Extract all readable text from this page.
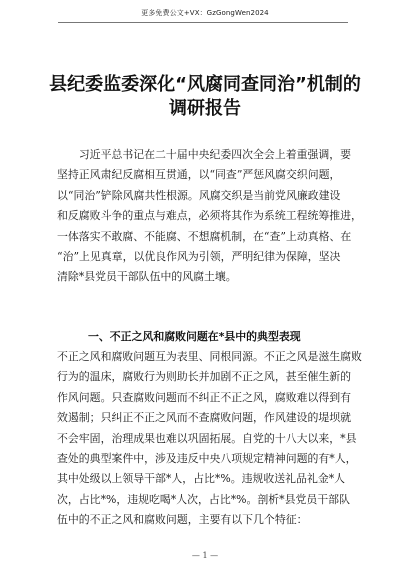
更多免费公文+VX：GzGongWen2024
县纪委监委深化“风腐同查同治”机制的
调研报告
　　习近平总书记在二十届中央纪委四次全会上着重强调，要
坚持正风肃纪反腐相互贯通，以“同查”严惩风腐交织问题，
以“同治”铲除风腐共性根源。风腐交织是当前党风廉政建设
和反腐败斗争的重点与难点，必须将其作为系统工程统筹推进，
一体落实不敢腐、不能腐、不想腐机制，在“查”上动真格、在
“治”上见真章，以优良作风为引领，严明纪律为保障，坚决
清除*县党员干部队伍中的风腐土壤。
一、不正之风和腐败问题在*县中的典型表现
不正之风和腐败问题互为表里、同根同源。不正之风是滋生腐败
行为的温床，腐败行为则助长并加剧不正之风，甚至催生新的
作风问题。只查腐败问题而不纠正不正之风，腐败难以得到有
效遏制；只纠正不正之风而不查腐败问题，作风建设的堤坝就
不会牢固，治理成果也难以巩固拓展。自党的十八大以来，*县
查处的典型案件中，涉及违反中央八项规定精神问题的有*人，
其中处级以上领导干部*人，占比*%。违规收送礼品礼金*人
次，占比*%，违规吃喝*人次，占比*%。剖析*县党员干部队
伍中的不正之风和腐败问题，主要有以下几个特征：
— 1 —
